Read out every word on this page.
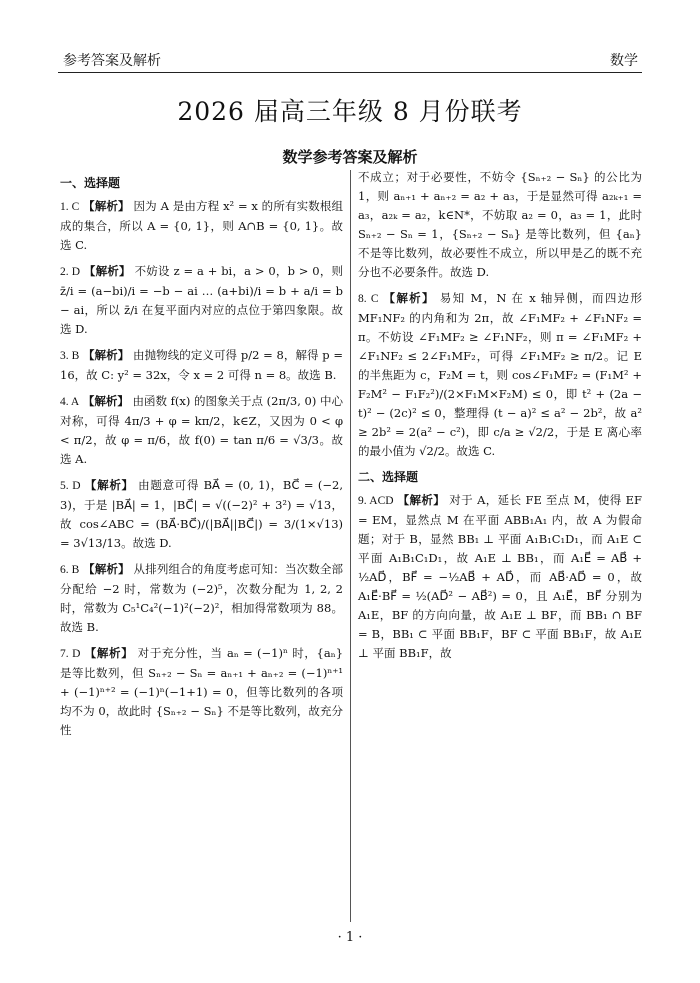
参考答案及解析	数学
2026 届高三年级 8 月份联考
数学参考答案及解析
一、选择题
1. C 【解析】 因为 A 是由方程 x² = x 的所有实数根组成的集合，所以 A = {0, 1}，则 A∩B = {0, 1}。故选 C.
2. D 【解析】 不妨设 z = a + bi，a > 0，b > 0，则 z̄/i = (a−bi)/i = −b − ai … (a+bi)/i = b + a/i = b − ai，所以 z̄/i 在复平面内对应的点位于第四象限。故选 D.
3. B 【解析】 由抛物线的定义可得 p/2 = 8，解得 p = 16，故 C: y² = 32x，令 x = 2 可得 n = 8。故选 B.
4. A 【解析】 由函数 f(x) 的图象关于点 (2π/3, 0) 中心对称，可得 4π/3 + φ = kπ/2，k∈Z，又因为 0 < φ < π/2，故 φ = π/6，故 f(0) = tan π/6 = √3/3。故选 A.
5. D 【解析】 由题意可得 BA⃗ = (0, 1)，BC⃗ = (−2, 3)，于是 |BA⃗| = 1，|BC⃗| = √((−2)² + 3²) = √13，故 cos∠ABC = (BA⃗·BC⃗)/(|BA⃗||BC⃗|) = 3/(1×√13) = 3√13/13。故选 D.
6. B 【解析】 从排列组合的角度考虑可知：当次数全部分配给 −2 时，常数为 (−2)⁵，次数分配为 1, 2, 2 时，常数为 C₅¹C₄²(−1)²(−2)²，相加得常数项为 88。故选 B.
7. D 【解析】 对于充分性，当 aₙ = (−1)ⁿ 时，{aₙ} 是等比数列，但 Sₙ₊₂ − Sₙ = aₙ₊₁ + aₙ₊₂ = (−1)ⁿ⁺¹ + (−1)ⁿ⁺² = (−1)ⁿ(−1+1) = 0，但等比数列的各项均不为 0，故此时 {Sₙ₊₂ − Sₙ} 不是等比数列，故充分性
不成立；对于必要性，不妨令 {Sₙ₊₂ − Sₙ} 的公比为 1，则 aₙ₊₁ + aₙ₊₂ = a₂ + a₃，于是显然可得 a₂ₖ₊₁ = a₃，a₂ₖ = a₂，k∈N*，不妨取 a₂ = 0，a₃ = 1，此时 Sₙ₊₂ − Sₙ = 1，{Sₙ₊₂ − Sₙ} 是等比数列，但 {aₙ} 不是等比数列，故必要性不成立，所以甲是乙的既不充分也不必要条件。故选 D.
8. C 【解析】 易知 M，N 在 x 轴异侧，而四边形 MF₁NF₂ 的内角和为 2π，故 ∠F₁MF₂ + ∠F₁NF₂ = π。不妨设 ∠F₁MF₂ ≥ ∠F₁NF₂，则 π = ∠F₁MF₂ + ∠F₁NF₂ ≤ 2∠F₁MF₂，可得 ∠F₁MF₂ ≥ π/2。记 E 的半焦距为 c，F₂M = t，则 cos∠F₁MF₂ = (F₁M² + F₂M² − F₁F₂²)/(2×F₁M×F₂M) ≤ 0，即 t² + (2a − t)² − (2c)² ≤ 0，整理得 (t − a)² ≤ a² − 2b²，故 a² ≥ 2b² = 2(a² − c²)，即 c/a ≥ √2/2，于是 E 离心率的最小值为 √2/2。故选 C.
二、选择题
9. ACD 【解析】 对于 A，延长 FE 至点 M，使得 EF = EM，显然点 M 在平面 ABB₁A₁ 内，故 A 为假命题；对于 B，显然 BB₁ ⊥ 平面 A₁B₁C₁D₁，而 A₁E ⊂ 平面 A₁B₁C₁D₁，故 A₁E ⊥ BB₁，而 A₁E⃗ = AB⃗ + ½AD⃗，BF⃗ = −½AB⃗ + AD⃗，而 AB⃗·AD⃗ = 0，故 A₁E⃗·BF⃗ = ½(AD⃗² − AB⃗²) = 0，且 A₁E⃗，BF⃗ 分别为 A₁E，BF 的方向向量，故 A₁E ⊥ BF，而 BB₁ ∩ BF = B，BB₁ ⊂ 平面 BB₁F，BF ⊂ 平面 BB₁F，故 A₁E ⊥ 平面 BB₁F，故
· 1 ·
